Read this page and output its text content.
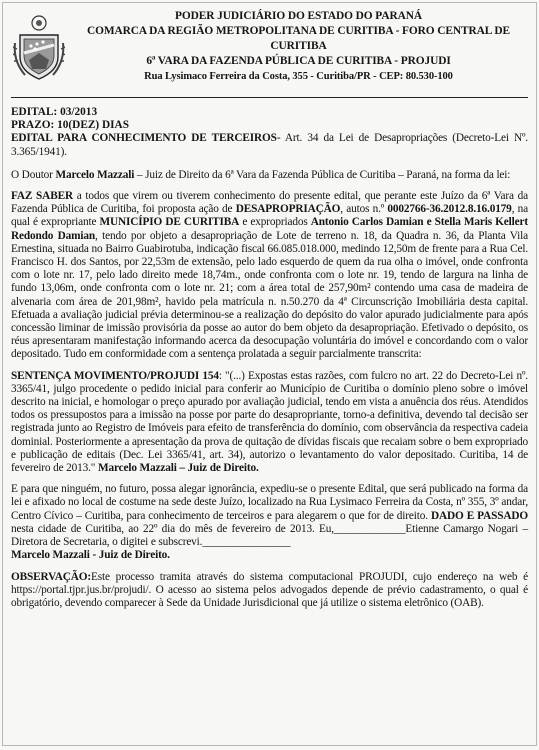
PODER JUDICIÁRIO DO ESTADO DO PARANÁ
COMARCA DA REGIÃO METROPOLITANA DE CURITIBA - FORO CENTRAL DE
CURITIBA
6ª VARA DA FAZENDA PÚBLICA DE CURITIBA - PROJUDI
Rua Lysimaco Ferreira da Costa, 355 - Curitiba/PR - CEP: 80.530-100
EDITAL: 03/2013
PRAZO: 10(DEZ) DIAS

EDITAL PARA CONHECIMENTO DE TERCEIROS- Art. 34 da Lei de Desapropriações (Decreto-Lei Nº. 3.365/1941).

O Doutor Marcelo Mazzali – Juiz de Direito da 6ª Vara da Fazenda Pública de Curitiba – Paraná, na forma da lei:

FAZ SABER a todos que virem ou tiverem conhecimento do presente edital, que perante este Juízo da 6ª Vara da Fazenda Pública de Curitiba, foi proposta ação de DESAPROPRIAÇÃO, autos n.º 0002766-36.2012.8.16.0179, na qual é expropriante MUNICÍPIO DE CURITIBA e expropriados Antonio Carlos Damian e Stella Maris Kellert Redondo Damian, tendo por objeto a desapropriação de Lote de terreno n. 18, da Quadra n. 36, da Planta Vila Ernestina, situada no Bairro Guabirotuba, indicação fiscal 66.085.018.000, medindo 12,50m de frente para a Rua Cel. Francisco H. dos Santos, por 22,53m de extensão, pelo lado esquerdo de quem da rua olha o imóvel, onde confronta com o lote nr. 17, pelo lado direito mede 18,74m., onde confronta com o lote nr. 19, tendo de largura na linha de fundo 13,06m, onde confronta com o lote nr. 21; com a área total de 257,90m² contendo uma casa de madeira de alvenaria com área de 201,98m², havido pela matrícula n. n.50.270 da 4ª Circunscrição Imobiliária desta capital. Efetuada a avaliação judicial prévia determinou-se a realização do depósito do valor apurado judicialmente para após concessão liminar de imissão provisória da posse ao autor do bem objeto da desapropriação. Efetivado o depósito, os réus apresentaram manifestação informando acerca da desocupação voluntária do imóvel e concordando com o valor depositado. Tudo em conformidade com a sentença prolatada a seguir parcialmente transcrita:

SENTENÇA MOVIMENTO/PROJUDI 154: "(...) Expostas estas razões, com fulcro no art. 22 do Decreto-Lei nº. 3365/41, julgo procedente o pedido inicial para conferir ao Município de Curitiba o domínio pleno sobre o imóvel descrito na inicial, e homologar o preço apurado por avaliação judicial, tendo em vista a anuência dos réus. Atendidos todos os pressupostos para a imissão na posse por parte do desapropriante, torno-a definitiva, devendo tal decisão ser registrada junto ao Registro de Imóveis para efeito de transferência do domínio, com observância da respectiva cadeia dominial. Posteriormente a apresentação da prova de quitação de dívidas fiscais que recaiam sobre o bem expropriado e publicação de editais (Dec. Lei 3365/41, art. 34), autorizo o levantamento do valor depositado. Curitiba, 14 de fevereiro de 2013." Marcelo Mazzali – Juiz de Direito.

E para que ninguém, no futuro, possa alegar ignorância, expediu-se o presente Edital, que será publicado na forma da lei e afixado no local de costume na sede deste Juízo, localizado na Rua Lysimaco Ferreira da Costa, nº 355, 3º andar, Centro Cívico – Curitiba, para conhecimento de terceiros e para alegarem o que for de direito. DADO E PASSADO nesta cidade de Curitiba, ao 22º dia do mês de fevereiro de 2013. Eu,_____________Etienne Camargo Nogari – Diretora de Secretaria, o digitei e subscrevi.________________
Marcelo Mazzali - Juiz de Direito.

OBSERVAÇÃO:Este processo tramita através do sistema computacional PROJUDI, cujo endereço na web é https://portal.tjpr.jus.br/projudi/. O acesso ao sistema pelos advogados depende de prévio cadastramento, o qual é obrigatório, devendo comparecer à Sede da Unidade Jurisdicional que já utilize o sistema eletrônico (OAB).
